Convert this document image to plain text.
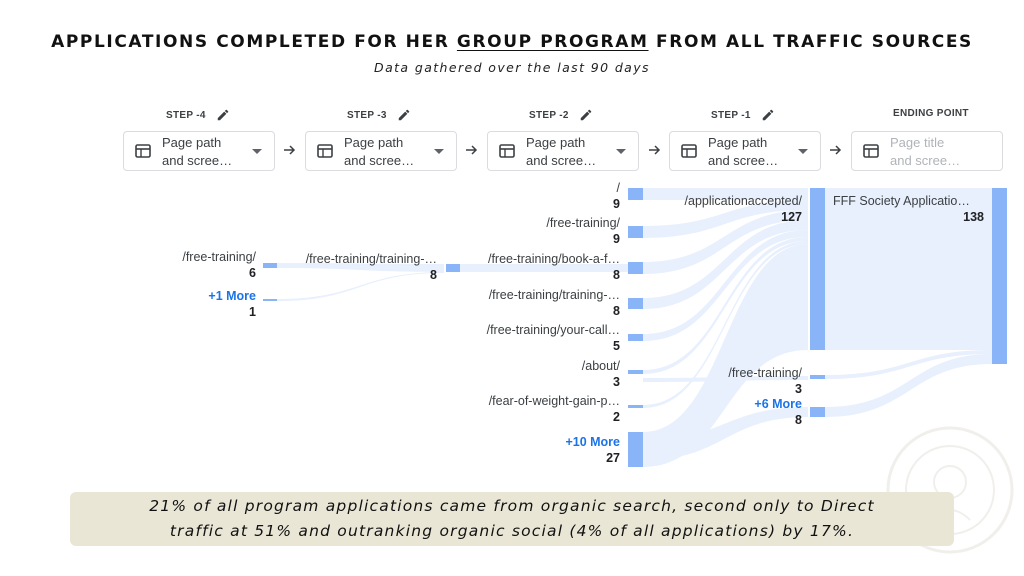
APPLICATIONS COMPLETED FOR HER GROUP PROGRAM FROM ALL TRAFFIC SOURCES
Data gathered over the last 90 days
STEP -4	STEP -3	STEP -2	STEP -1	ENDING POINT
Page path
and scree…
Page path
and scree…
Page path
and scree…
Page path
and scree…
Page title
and scree…
/free-training/
6
+1 More
1
/free-training/training-…
8
/
9
/free-training/
9
/free-training/book-a-f…
8
/free-training/training-…
8
/free-training/your-call…
5
/about/
3
/fear-of-weight-gain-p…
2
+10 More
27
/applicationaccepted/
127
/free-training/
3
+6 More
8
FFF Society Applicatio…
138
21% of all program applications came from organic search, second only to Direct
traffic at 51% and outranking organic social (4% of all applications) by 17%.
